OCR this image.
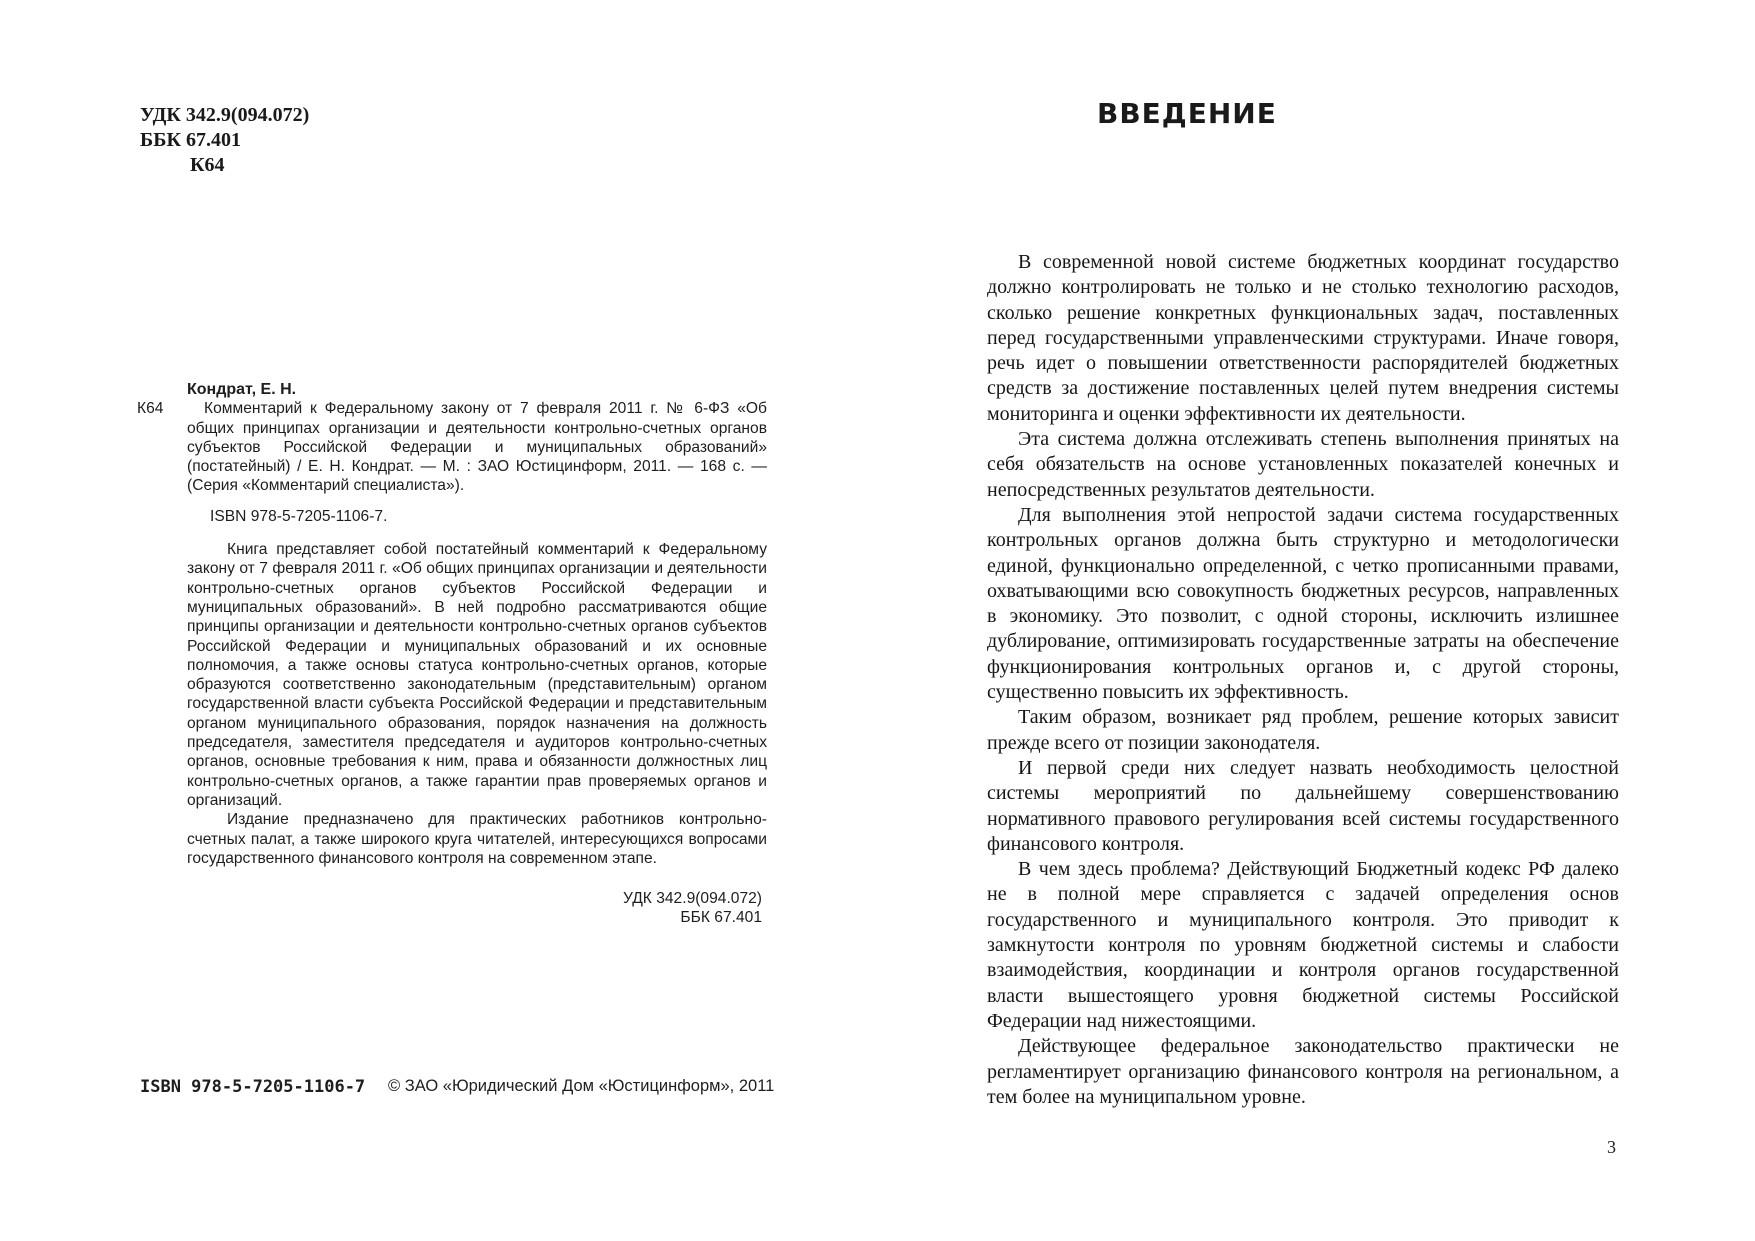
УДК 342.9(094.072)
ББК 67.401
К64
Кондрат, Е. Н.
К64	Комментарий к Федеральному закону от 7 февраля 2011 г. № 6-ФЗ «Об общих принципах организации и деятельности контрольно-счетных органов субъектов Российской Федерации и муниципальных образований» (постатейный) / Е. Н. Кондрат. — М. : ЗАО Юстицинформ, 2011. — 168 с. — (Серия «Комментарий специалиста»).
ISBN 978-5-7205-1106-7.

Книга представляет собой постатейный комментарий к Федеральному закону от 7 февраля 2011 г. «Об общих принципах организации и деятельности контрольно-счетных органов субъектов Российской Федерации и муниципальных образований». В ней подробно рассматриваются общие принципы организации и деятельности контрольно-счетных органов субъектов Российской Федерации и муниципальных образований и их основные полномочия, а также основы статуса контрольно-счетных органов, которые образуются соответственно законодательным (представительным) органом государственной власти субъекта Российской Федерации и представительным органом муниципального образования, порядок назначения на должность председателя, заместителя председателя и аудиторов контрольно-счетных органов, основные требования к ним, права и обязанности должностных лиц контрольно-счетных органов, а также гарантии прав проверяемых органов и организаций.

Издание предназначено для практических работников контрольно-счетных палат, а также широкого круга читателей, интересующихся вопросами государственного финансового контроля на современном этапе.

УДК 342.9(094.072)
ББК 67.401
ISBN 978-5-7205-1106-7 © ЗАО «Юридический Дом «Юстицинформ», 2011
ВВЕДЕНИЕ

В современной новой системе бюджетных координат государство должно контролировать не только и не столько технологию расходов, сколько решение конкретных функциональных задач, поставленных перед государственными управленческими структурами. Иначе говоря, речь идет о повышении ответственности распорядителей бюджетных средств за достижение поставленных целей путем внедрения системы мониторинга и оценки эффективности их деятельности.

Эта система должна отслеживать степень выполнения принятых на себя обязательств на основе установленных показателей конечных и непосредственных результатов деятельности.

Для выполнения этой непростой задачи система государственных контрольных органов должна быть структурно и методологически единой, функционально определенной, с четко прописанными правами, охватывающими всю совокупность бюджетных ресурсов, направленных в экономику. Это позволит, с одной стороны, исключить излишнее дублирование, оптимизировать государственные затраты на обеспечение функционирования контрольных органов и, с другой стороны, существенно повысить их эффективность.

Таким образом, возникает ряд проблем, решение которых зависит прежде всего от позиции законодателя.

И первой среди них следует назвать необходимость целостной системы мероприятий по дальнейшему совершенствованию нормативного правового регулирования всей системы государственного финансового контроля.

В чем здесь проблема? Действующий Бюджетный кодекс РФ далеко не в полной мере справляется с задачей определения основ государственного и муниципального контроля. Это приводит к замкнутости контроля по уровням бюджетной системы и слабости взаимодействия, координации и контроля органов государственной власти вышестоящего уровня бюджетной системы Российской Федерации над нижестоящими.

Действующее федеральное законодательство практически не регламентирует организацию финансового контроля на региональном, а тем более на муниципальном уровне.

3
